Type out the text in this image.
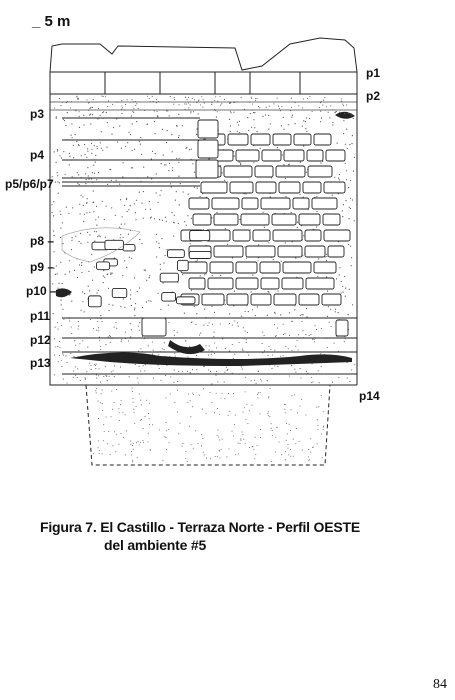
_ 5 m
p1
p2
p14
p3
p4
p5/p6/p7
p8 –
p9 –
p10 –
p11
p12
p13
Figura 7. El Castillo - Terraza Norte - Perfil OESTE
del ambiente #5
84
